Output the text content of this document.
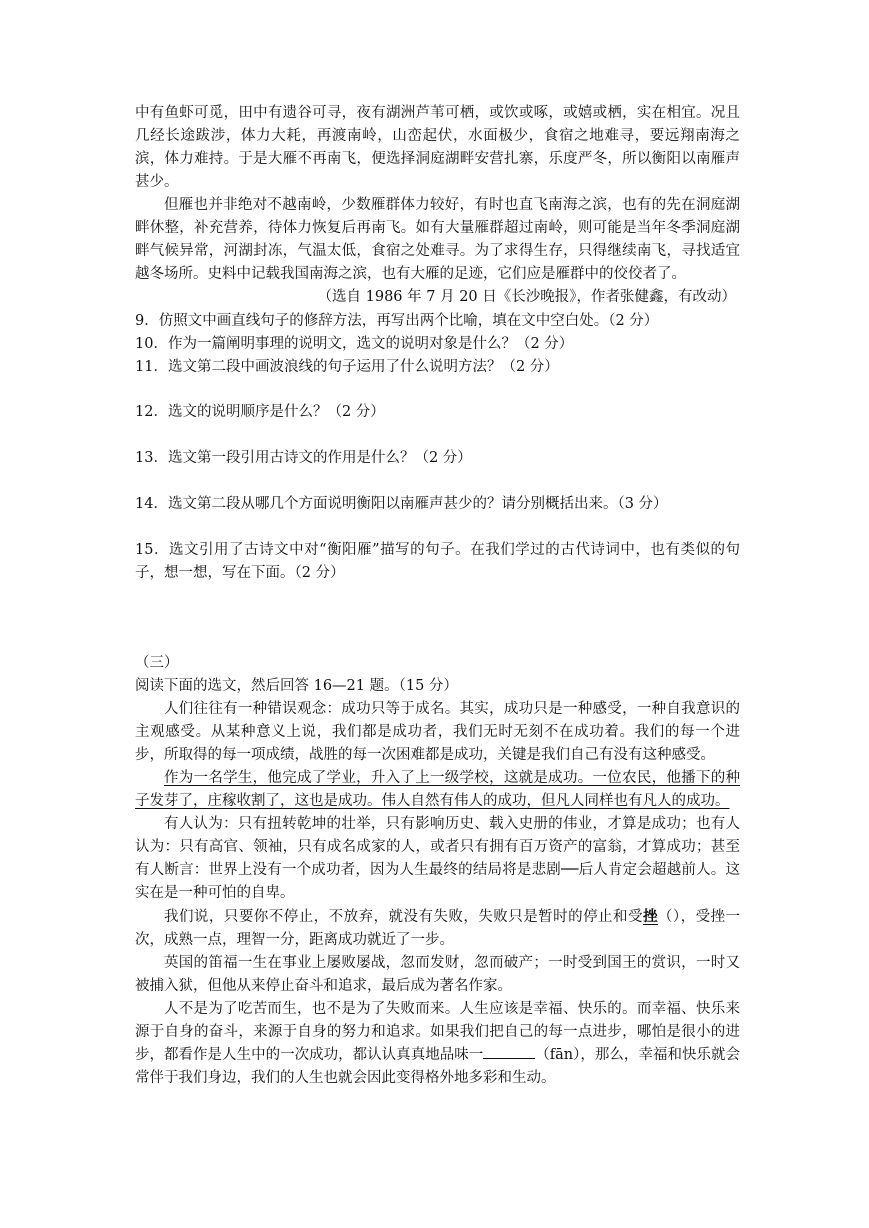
中有鱼虾可觅，田中有遗谷可寻，夜有湖洲芦苇可栖，或饮或啄，或嬉或栖，实在相宜。况且几经长途跋涉，体力大耗，再渡南岭，山峦起伏，水面极少，食宿之地难寻，要远翔南海之滨，体力难持。于是大雁不再南飞，便选择洞庭湖畔安营扎寨，乐度严冬，所以衡阳以南雁声甚少。

但雁也并非绝对不越南岭，少数雁群体力较好，有时也直飞南海之滨，也有的先在洞庭湖畔休整，补充营养，待体力恢复后再南飞。如有大量雁群超过南岭，则可能是当年冬季洞庭湖畔气候异常，河湖封冻，气温太低，食宿之处难寻。为了求得生存，只得继续南飞，寻找适宜越冬场所。史料中记载我国南海之滨，也有大雁的足迹，它们应是雁群中的佼佼者了。

（选自 1986 年 7 月 20 日《长沙晚报》，作者张健鑫，有改动）

9．仿照文中画直线句子的修辞方法，再写出两个比喻，填在文中空白处。（2 分）

10．作为一篇阐明事理的说明文，选文的说明对象是什么？（2 分）

11．选文第二段中画波浪线的句子运用了什么说明方法？（2 分）

12．选文的说明顺序是什么？（2 分）

13．选文第一段引用古诗文的作用是什么？（2 分）

14．选文第二段从哪几个方面说明衡阳以南雁声甚少的？请分别概括出来。（3 分）

15．选文引用了古诗文中对“衡阳雁”描写的句子。在我们学过的古代诗词中，也有类似的句子，想一想，写在下面。（2 分）

（三）

阅读下面的选文，然后回答 16—21 题。（15 分）

人们往往有一种错误观念：成功只等于成名。其实，成功只是一种感受，一种自我意识的主观感受。从某种意义上说，我们都是成功者，我们无时无刻不在成功着。我们的每一个进步，所取得的每一项成绩，战胜的每一次困难都是成功，关键是我们自己有没有这种感受。

作为一名学生，他完成了学业，升入了上一级学校，这就是成功。一位农民，他播下的种子发芽了，庄稼收割了，这也是成功。伟人自然有伟人的成功，但凡人同样也有凡人的成功。

有人认为：只有扭转乾坤的壮举，只有影响历史、载入史册的伟业，才算是成功；也有人认为：只有高官、领袖，只有成名成家的人，或者只有拥有百万资产的富翁，才算成功；甚至有人断言：世界上没有一个成功者，因为人生最终的结局将是悲剧──后人肯定会超越前人。这实在是一种可怕的自卑。

我们说，只要你不停止，不放弃，就没有失败，失败只是暂时的停止和受挫（），受挫一次，成熟一点，理智一分，距离成功就近了一步。

英国的笛福一生在事业上屡败屡战，忽而发财，忽而破产；一时受到国王的赏识，一时又被捕入狱，但他从来停止奋斗和追求，最后成为著名作家。

人不是为了吃苦而生，也不是为了失败而来。人生应该是幸福、快乐的。而幸福、快乐来源于自身的奋斗，来源于自身的努力和追求。如果我们把自己的每一点进步，哪怕是很小的进步，都看作是人生中的一次成功，都认认真真地品味一	（fān），那么，幸福和快乐就会常伴于我们身边，我们的人生也就会因此变得格外地多彩和生动。
